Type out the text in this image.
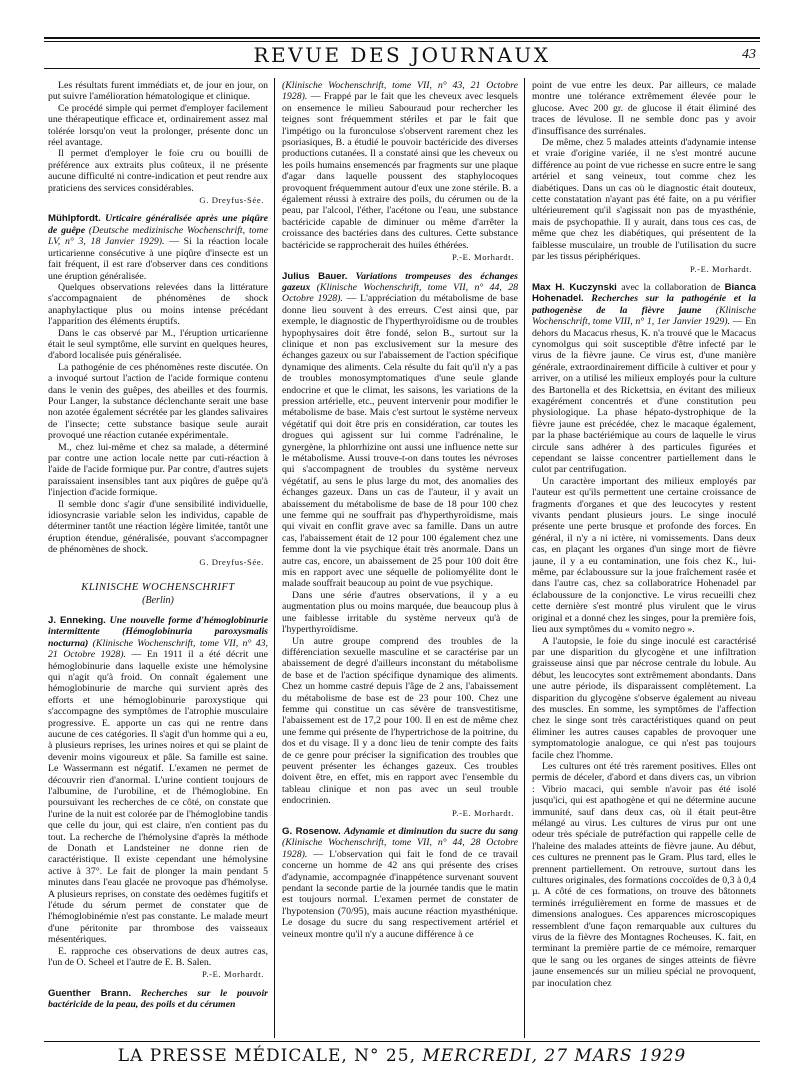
REVUE DES JOURNAUX	43

Les résultats furent immédiats et, de jour en jour, on put suivre l'amélioration hématologique et clinique.

Ce procédé simple qui permet d'employer facilement une thérapeutique efficace et, ordinairement assez mal tolérée lorsqu'on veut la prolonger, présente donc un réel avantage.

Il permet d'employer le foie cru ou bouilli de préférence aux extraits plus coûteux, il ne présente aucune difficulté ni contre-indication et peut rendre aux praticiens des services considérables.

G. Dreyfus-Sée.

Mühlpfordt. Urticaire généralisée après une piqûre de guêpe (Deutsche medizinische Wochenschrift, tome LV, n° 3, 18 Janvier 1929). — Si la réaction locale urticarienne consécutive à une piqûre d'insecte est un fait fréquent, il est rare d'observer dans ces conditions une éruption généralisée.

Quelques observations relevées dans la littérature s'accompagnaient de phénomènes de shock anaphylactique plus ou moins intense précédant l'apparition des éléments éruptifs.

Dans le cas observé par M., l'éruption urticarienne était le seul symptôme, elle survint en quelques heures, d'abord localisée puis généralisée.

La pathogénie de ces phénomènes reste discutée. On a invoqué surtout l'action de l'acide formique contenu dans le venin des guêpes, des abeilles et des fourmis. Pour Langer, la substance déclenchante serait une base non azotée également sécrétée par les glandes salivaires de l'insecte; cette substance basique seule aurait provoqué une réaction cutanée expérimentale.

M., chez lui-même et chez sa malade, a déterminé par contre une action locale nette par cuti-réaction à l'aide de l'acide formique pur. Par contre, d'autres sujets paraissaient insensibles tant aux piqûres de guêpe qu'à l'injection d'acide formique.

Il semble donc s'agir d'une sensibilité individuelle, idiosyncrasie variable selon les individus, capable de déterminer tantôt une réaction légère limitée, tantôt une éruption étendue, généralisée, pouvant s'accompagner de phénomènes de shock.

G. Dreyfus-Sée.
KLINISCHE WOCHENSCHRIFT
(Berlin)

J. Enneking. Une nouvelle forme d'hémoglobinurie intermittente (Hémoglobinuria paroxysmalis nocturna) (Klinische Wochenschrift, tome VII, n° 43, 21 Octobre 1928). — En 1911 il a été décrit une hémoglobinurie dans laquelle existe une hémolysine qui n'agit qu'à froid. On connaît également une hémoglobinurie de marche qui survient après des efforts et une hémoglobinurie paroxystique qui s'accompagne des symptômes de l'atrophie musculaire progressive. E. apporte un cas qui ne rentre dans aucune de ces catégories. Il s'agit d'un homme qui a eu, à plusieurs reprises, les urines noires et qui se plaint de devenir moins vigoureux et pâle. Sa famille est saine. Le Wassermann est négatif. L'examen ne permet de découvrir rien d'anormal. L'urine contient toujours de l'albumine, de l'urobiline, et de l'hémoglobine. En poursuivant les recherches de ce côté, on constate que l'urine de la nuit est colorée par de l'hémoglobine tandis que celle du jour, qui est claire, n'en contient pas du tout. La recherche de l'hémolysine d'après la méthode de Donath et Landsteiner ne donne rien de caractéristique. Il existe cependant une hémolysine active à 37°. Le fait de plonger la main pendant 5 minutes dans l'eau glacée ne provoque pas d'hémolyse. A plusieurs reprises, on constate des oedèmes fugitifs et l'étude du sérum permet de constater que de l'hémoglobinémie n'est pas constante. Le malade meurt d'une péritonite par thrombose des vaisseaux mésentériques.

E. rapproche ces observations de deux autres cas, l'un de O. Scheel et l'autre de E. B. Salen.

P.-E. Morhardt.

Guenther Brann. Recherches sur le pouvoir bactéricide de la peau, des poils et du cérumen

(Klinische Wochenschrift, tome VII, n° 43, 21 Octobre 1928). — Frappé par le fait que les cheveux avec lesquels on ensemence le milieu Sabouraud pour rechercher les teignes sont fréquemment stériles et par le fait que l'impétigo ou la furonculose s'observent rarement chez les psoriasiques, B. a étudié le pouvoir bactéricide des diverses productions cutanées. Il a constaté ainsi que les cheveux ou les poils humains ensemencés par fragments sur une plaque d'agar dans laquelle poussent des staphylocoques provoquent fréquemment autour d'eux une zone stérile. B. a également réussi à extraire des poils, du cérumen ou de la peau, par l'alcool, l'éther, l'acétone ou l'eau, une substance bactéricide capable de diminuer ou même d'arrêter la croissance des bactéries dans des cultures. Cette substance bactéricide se rapprocherait des huiles éthérées.

P.-E. Morhardt.

Julius Bauer. Variations trompeuses des échanges gazeux (Klinische Wochenschrift, tome VII, n° 44, 28 Octobre 1928). — L'appréciation du métabolisme de base donne lieu souvent à des erreurs. C'est ainsi que, par exemple, le diagnostic de l'hyperthyroïdisme ou de troubles hypophysaires doit être fondé, selon B., surtout sur la clinique et non pas exclusivement sur la mesure des échanges gazeux ou sur l'abaissement de l'action spécifique dynamique des aliments. Cela résulte du fait qu'il n'y a pas de troubles monosymptomatiques d'une seule glande endocrine et que le climat, les saisons, les variations de la pression artérielle, etc., peuvent intervenir pour modifier le métabolisme de base. Mais c'est surtout le système nerveux végétatif qui doit être pris en considération, car toutes les drogues qui agissent sur lui comme l'adrénaline, le gynergène, la phlorrhizine ont aussi une influence nette sur le métabolisme. Aussi trouve-t-on dans toutes les névroses qui s'accompagnent de troubles du système nerveux végétatif, au sens le plus large du mot, des anomalies des échanges gazeux. Dans un cas de l'auteur, il y avait un abaissement du métabolisme de base de 18 pour 100 chez une femme qui ne souffrait pas d'hyperthyroïdisme, mais qui vivait en conflit grave avec sa famille. Dans un autre cas, l'abaissement était de 12 pour 100 également chez une femme dont la vie psychique était très anormale. Dans un autre cas, encore, un abaissement de 25 pour 100 doit être mis en rapport avec une séquelle de poliomyélite dont le malade souffrait beaucoup au point de vue psychique.

Dans une série d'autres observations, il y a eu augmentation plus ou moins marquée, due beaucoup plus à une faiblesse irritable du système nerveux qu'à de l'hyperthyroïdisme.

Un autre groupe comprend des troubles de la différenciation sexuelle masculine et se caractérise par un abaissement de degré d'ailleurs inconstant du métabolisme de base et de l'action spécifique dynamique des aliments. Chez un homme castré depuis l'âge de 2 ans, l'abaissement du métabolisme de base est de 23 pour 100. Chez une femme qui constitue un cas sévère de transvestitisme, l'abaissement est de 17,2 pour 100. Il en est de même chez une femme qui présente de l'hypertrichose de la poitrine, du dos et du visage. Il y a donc lieu de tenir compte des faits de ce genre pour préciser la signification des troubles que peuvent présenter les échanges gazeux. Ces troubles doivent être, en effet, mis en rapport avec l'ensemble du tableau clinique et non pas avec un seul trouble endocrinien.

P.-E. Morhardt.

G. Rosenow. Adynamie et diminution du sucre du sang (Klinische Wochenschrift, tome VII, n° 44, 28 Octobre 1928). — L'observation qui fait le fond de ce travail concerne un homme de 42 ans qui présente des crises d'adynamie, accompagnée d'inappétence survenant souvent pendant la seconde partie de la journée tandis que le matin est toujours normal. L'examen permet de constater de l'hypotension (70/95), mais aucune réaction myasthénique. Le dosage du sucre du sang respectivement artériel et veineux montre qu'il n'y a aucune différence à ce

point de vue entre les deux. Par ailleurs, ce malade montre une tolérance extrêmement élevée pour le glucose. Avec 200 gr. de glucose il était éliminé des traces de lévulose. Il ne semble donc pas y avoir d'insuffisance des surrénales.

De même, chez 5 malades atteints d'adynamie intense et vraie d'origine variée, il ne s'est montré aucune différence au point de vue richesse en sucre entre le sang artériel et sang veineux, tout comme chez les diabétiques. Dans un cas où le diagnostic était douteux, cette constatation n'ayant pas été faite, on a pu vérifier ultérieurement qu'il s'agissait non pas de myasthénie, mais de psychopathie. Il y aurait, dans tous ces cas, de même que chez les diabétiques, qui présentent de la faiblesse musculaire, un trouble de l'utilisation du sucre par les tissus périphériques.

P.-E. Morhardt.

Max H. Kuczynski avec la collaboration de Bianca Hohenadel. Recherches sur la pathogénie et la pathogenèse de la fièvre jaune (Klinische Wochenschrift, tome VIII, n° 1, 1er Janvier 1929). — En dehors du Macacus rhesus, K. n'a trouvé que le Macacus cynomolgus qui soit susceptible d'être infecté par le virus de la fièvre jaune. Ce virus est, d'une manière générale, extraordinairement difficile à cultiver et pour y arriver, on a utilisé les milieux employés pour la culture des Bartonella et des Rickettsia, en évitant des milieux exagérément concentrés et d'une constitution peu physiologique. La phase hépato-dystrophique de la fièvre jaune est précédée, chez le macaque également, par la phase bactériémique au cours de laquelle le virus circule sans adhérer à des particules figurées et cependant se laisse concentrer partiellement dans le culot par centrifugation.

Un caractère important des milieux employés par l'auteur est qu'ils permettent une certaine croissance de fragments d'organes et que des leucocytes y restent vivants pendant plusieurs jours. Le singe inoculé présente une perte brusque et profonde des forces. En général, il n'y a ni ictère, ni vomissements. Dans deux cas, en plaçant les organes d'un singe mort de fièvre jaune, il y a eu contamination, une fois chez K., lui-même, par éclaboussure sur la joue fraîchement rasée et dans l'autre cas, chez sa collaboratrice Hohenadel par éclaboussure de la conjonctive. Le virus recueilli chez cette dernière s'est montré plus virulent que le virus original et a donné chez les singes, pour la première fois, lieu aux symptômes du « vomito negro ».

A l'autopsie, le foie du singe inoculé est caractérisé par une disparition du glycogène et une infiltration graisseuse ainsi que par nécrose centrale du lobule. Au début, les leucocytes sont extrêmement abondants. Dans une autre période, ils disparaissent complètement. La disparition du glycogène s'observe également au niveau des muscles. En somme, les symptômes de l'affection chez le singe sont très caractéristiques quand on peut éliminer les autres causes capables de provoquer une symptomatologie analogue, ce qui n'est pas toujours facile chez l'homme.

Les cultures ont été très rarement positives. Elles ont permis de déceler, d'abord et dans divers cas, un vibrion : Vibrio macaci, qui semble n'avoir pas été isolé jusqu'ici, qui est apathogène et qui ne détermine aucune immunité, sauf dans deux cas, où il était peut-être mélangé au virus. Les cultures de virus pur ont une odeur très spéciale de putréfaction qui rappelle celle de l'haleine des malades atteints de fièvre jaune. Au début, ces cultures ne prennent pas le Gram. Plus tard, elles le prennent partiellement. On retrouve, surtout dans les cultures originales, des formations coccoïdes de 0,3 à 0,4 µ. A côté de ces formations, on trouve des bâtonnets terminés irrégulièrement en forme de massues et de dimensions analogues. Ces apparences microscopiques ressemblent d'une façon remarquable aux cultures du virus de la fièvre des Montagnes Rocheuses. K. fait, en terminant la première partie de ce mémoire, remarquer que le sang ou les organes de singes atteints de fièvre jaune ensemencés sur un milieu spécial ne provoquent, par inoculation chez

LA PRESSE MÉDICALE, N° 25, MERCREDI, 27 MARS 1929
